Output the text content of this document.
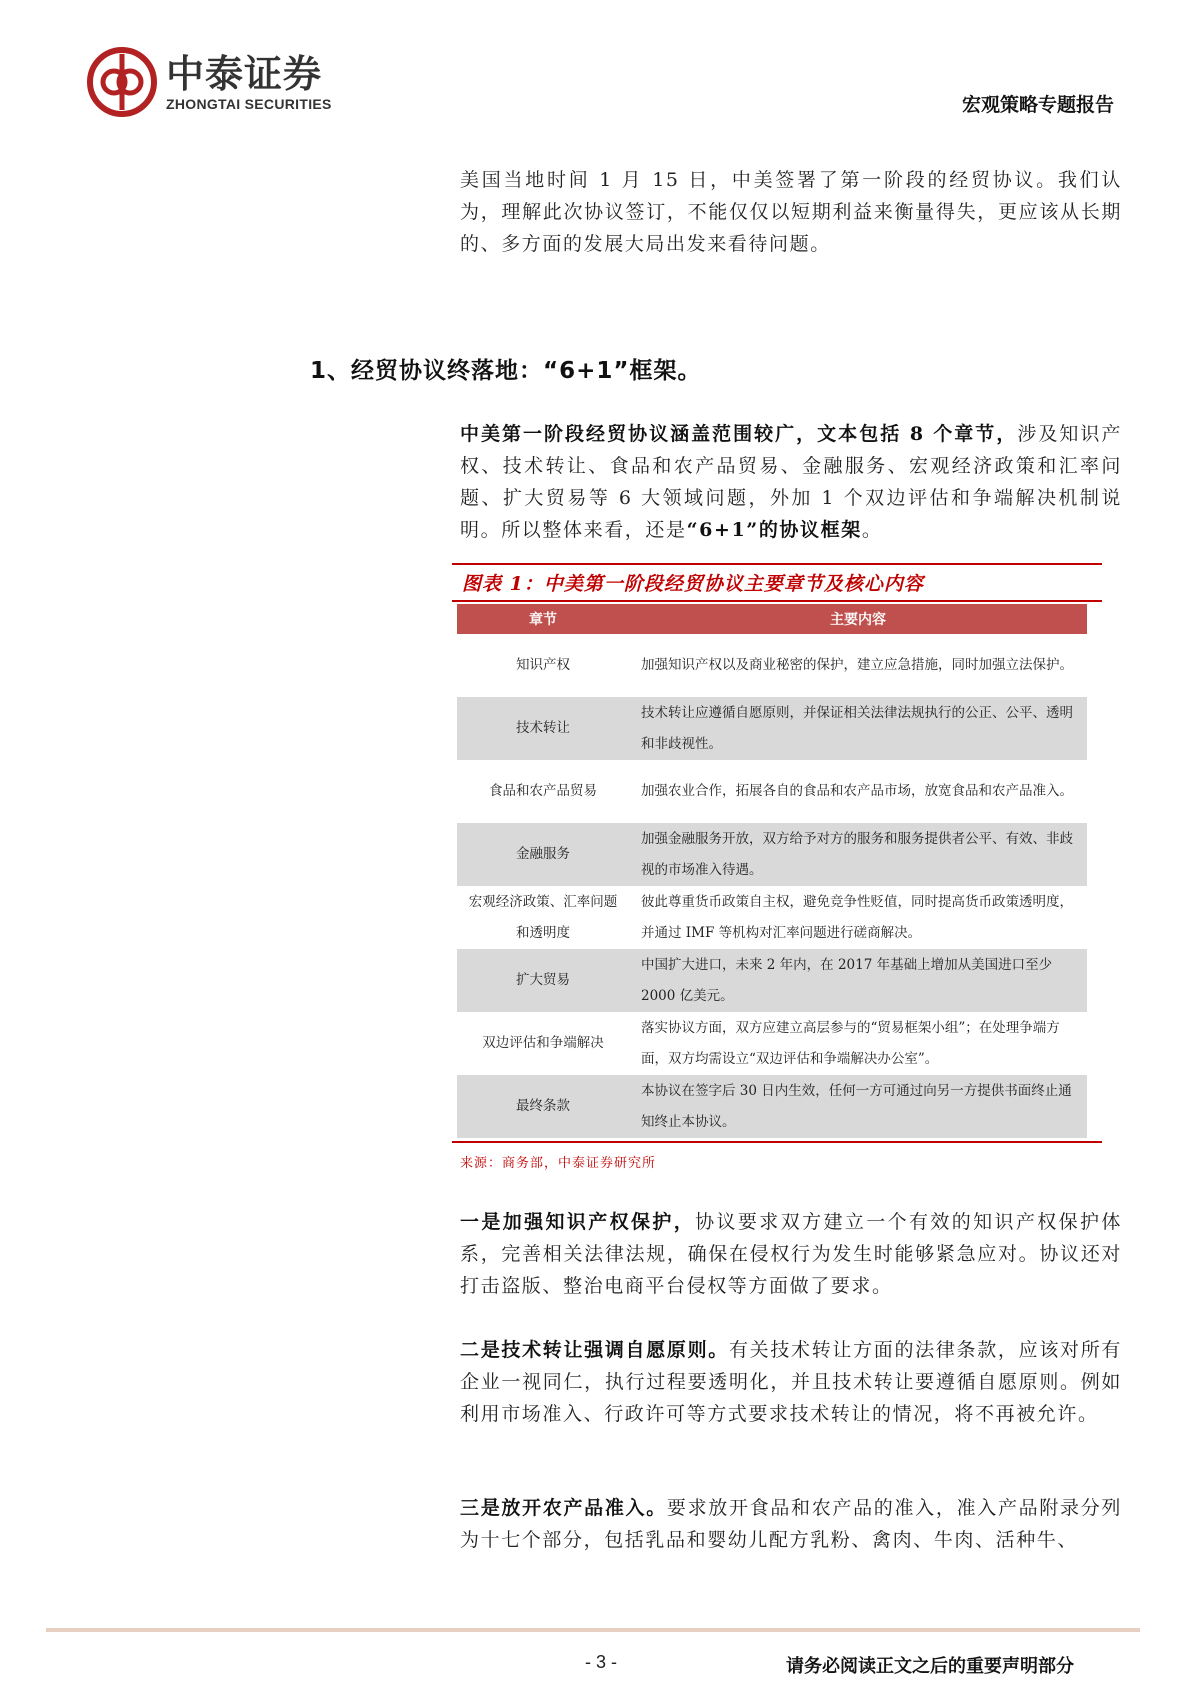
中泰证券
ZHONGTAI SECURITIES	宏观策略专题报告

美国当地时间 1 月 15 日，中美签署了第一阶段的经贸协议。我们认为，理解此次协议签订，不能仅仅以短期利益来衡量得失，更应该从长期的、多方面的发展大局出发来看待问题。

1、经贸协议终落地：“6+1”框架。

中美第一阶段经贸协议涵盖范围较广，文本包括 8 个章节，涉及知识产权、技术转让、食品和农产品贸易、金融服务、宏观经济政策和汇率问题、扩大贸易等 6 大领域问题，外加 1 个双边评估和争端解决机制说明。所以整体来看，还是“6+1”的协议框架。

图表 1：中美第一阶段经贸协议主要章节及核心内容
章节	主要内容
知识产权	加强知识产权以及商业秘密的保护，建立应急措施，同时加强立法保护。
技术转让	技术转让应遵循自愿原则，并保证相关法律法规执行的公正、公平、透明和非歧视性。
食品和农产品贸易	加强农业合作，拓展各自的食品和农产品市场，放宽食品和农产品准入。
金融服务	加强金融服务开放，双方给予对方的服务和服务提供者公平、有效、非歧视的市场准入待遇。
宏观经济政策、汇率问题和透明度	彼此尊重货币政策自主权，避免竞争性贬值，同时提高货币政策透明度，并通过 IMF 等机构对汇率问题进行磋商解决。
扩大贸易	中国扩大进口，未来 2 年内，在 2017 年基础上增加从美国进口至少 2000 亿美元。
双边评估和争端解决	落实协议方面，双方应建立高层参与的“贸易框架小组”；在处理争端方面，双方均需设立“双边评估和争端解决办公室”。
最终条款	本协议在签字后 30 日内生效，任何一方可通过向另一方提供书面终止通知终止本协议。
来源：商务部，中泰证券研究所

一是加强知识产权保护，协议要求双方建立一个有效的知识产权保护体系，完善相关法律法规，确保在侵权行为发生时能够紧急应对。协议还对打击盗版、整治电商平台侵权等方面做了要求。

二是技术转让强调自愿原则。有关技术转让方面的法律条款，应该对所有企业一视同仁，执行过程要透明化，并且技术转让要遵循自愿原则。例如利用市场准入、行政许可等方式要求技术转让的情况，将不再被允许。

三是放开农产品准入。要求放开食品和农产品的准入，准入产品附录分列为十七个部分，包括乳品和婴幼儿配方乳粉、禽肉、牛肉、活种牛、

- 3 -	请务必阅读正文之后的重要声明部分
